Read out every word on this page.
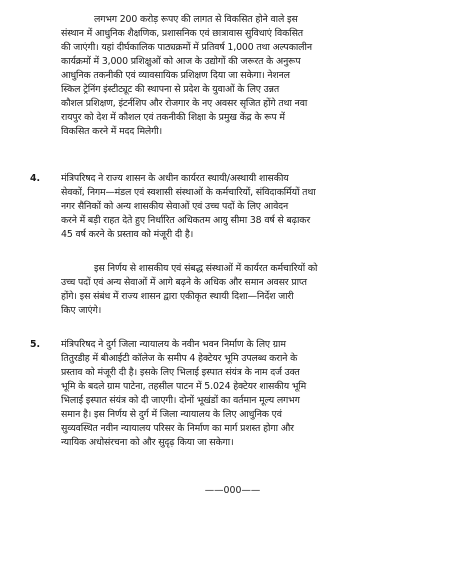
लगभग 200 करोड़ रूपए की लागत से विकसित होने वाले इस
संस्थान में आधुनिक शैक्षणिक, प्रशासनिक एवं छात्रावास सुविधाएं विकसित
की जाएंगी। यहां दीर्घकालिक पाठ्यक्रमों में प्रतिवर्ष 1,000 तथा अल्पकालीन
कार्यक्रमों में 3,000 प्रशिक्षुओं को आज के उद्योगों की जरूरत के अनुरूप
आधुनिक तकनीकी एवं व्यावसायिक प्रशिक्षण दिया जा सकेगा। नेशनल
स्किल ट्रेनिंग इंस्टीट्यूट की स्थापना से प्रदेश के युवाओं के लिए उन्नत
कौशल प्रशिक्षण, इंटर्नशिप और रोजगार के नए अवसर सृजित होंगे तथा नवा
रायपुर को देश में कौशल एवं तकनीकी शिक्षा के प्रमुख केंद्र के रूप में
विकसित करने में मदद मिलेगी।
4. मंत्रिपरिषद ने राज्य शासन के अधीन कार्यरत स्थायी/अस्थायी शासकीय
सेवकों, निगम—मंडल एवं स्वशासी संस्थाओं के कर्मचारियों, संविदाकर्मियों तथा
नगर सैनिकों को अन्य शासकीय सेवाओं एवं उच्च पदों के लिए आवेदन
करने में बड़ी राहत देते हुए निर्धारित अधिकतम आयु सीमा 38 वर्ष से बढ़ाकर
45 वर्ष करने के प्रस्ताव को मंजूरी दी है।
इस निर्णय से शासकीय एवं संबद्ध संस्थाओं में कार्यरत कर्मचारियों को
उच्च पदों एवं अन्य सेवाओं में आगे बढ़ने के अधिक और समान अवसर प्राप्त
होंगे। इस संबंध में राज्य शासन द्वारा एकीकृत स्थायी दिशा—निर्देश जारी
किए जाएंगे।
5. मंत्रिपरिषद ने दुर्ग जिला न्यायालय के नवीन भवन निर्माण के लिए ग्राम
तितुरडीह में बीआईटी कॉलेज के समीप 4 हेक्टेयर भूमि उपलब्ध कराने के
प्रस्ताव को मंजूरी दी है। इसके लिए भिलाई इस्पात संयंत्र के नाम दर्ज उक्त
भूमि के बदले ग्राम पाटेना, तहसील पाटन में 5.024 हेक्टेयर शासकीय भूमि
भिलाई इस्पात संयंत्र को दी जाएगी। दोनों भूखंडों का वर्तमान मूल्य लगभग
समान है। इस निर्णय से दुर्ग में जिला न्यायालय के लिए आधुनिक एवं
सुव्यवस्थित नवीन न्यायालय परिसर के निर्माण का मार्ग प्रशस्त होगा और
न्यायिक अधोसंरचना को और सुदृढ़ किया जा सकेगा।
——000——
